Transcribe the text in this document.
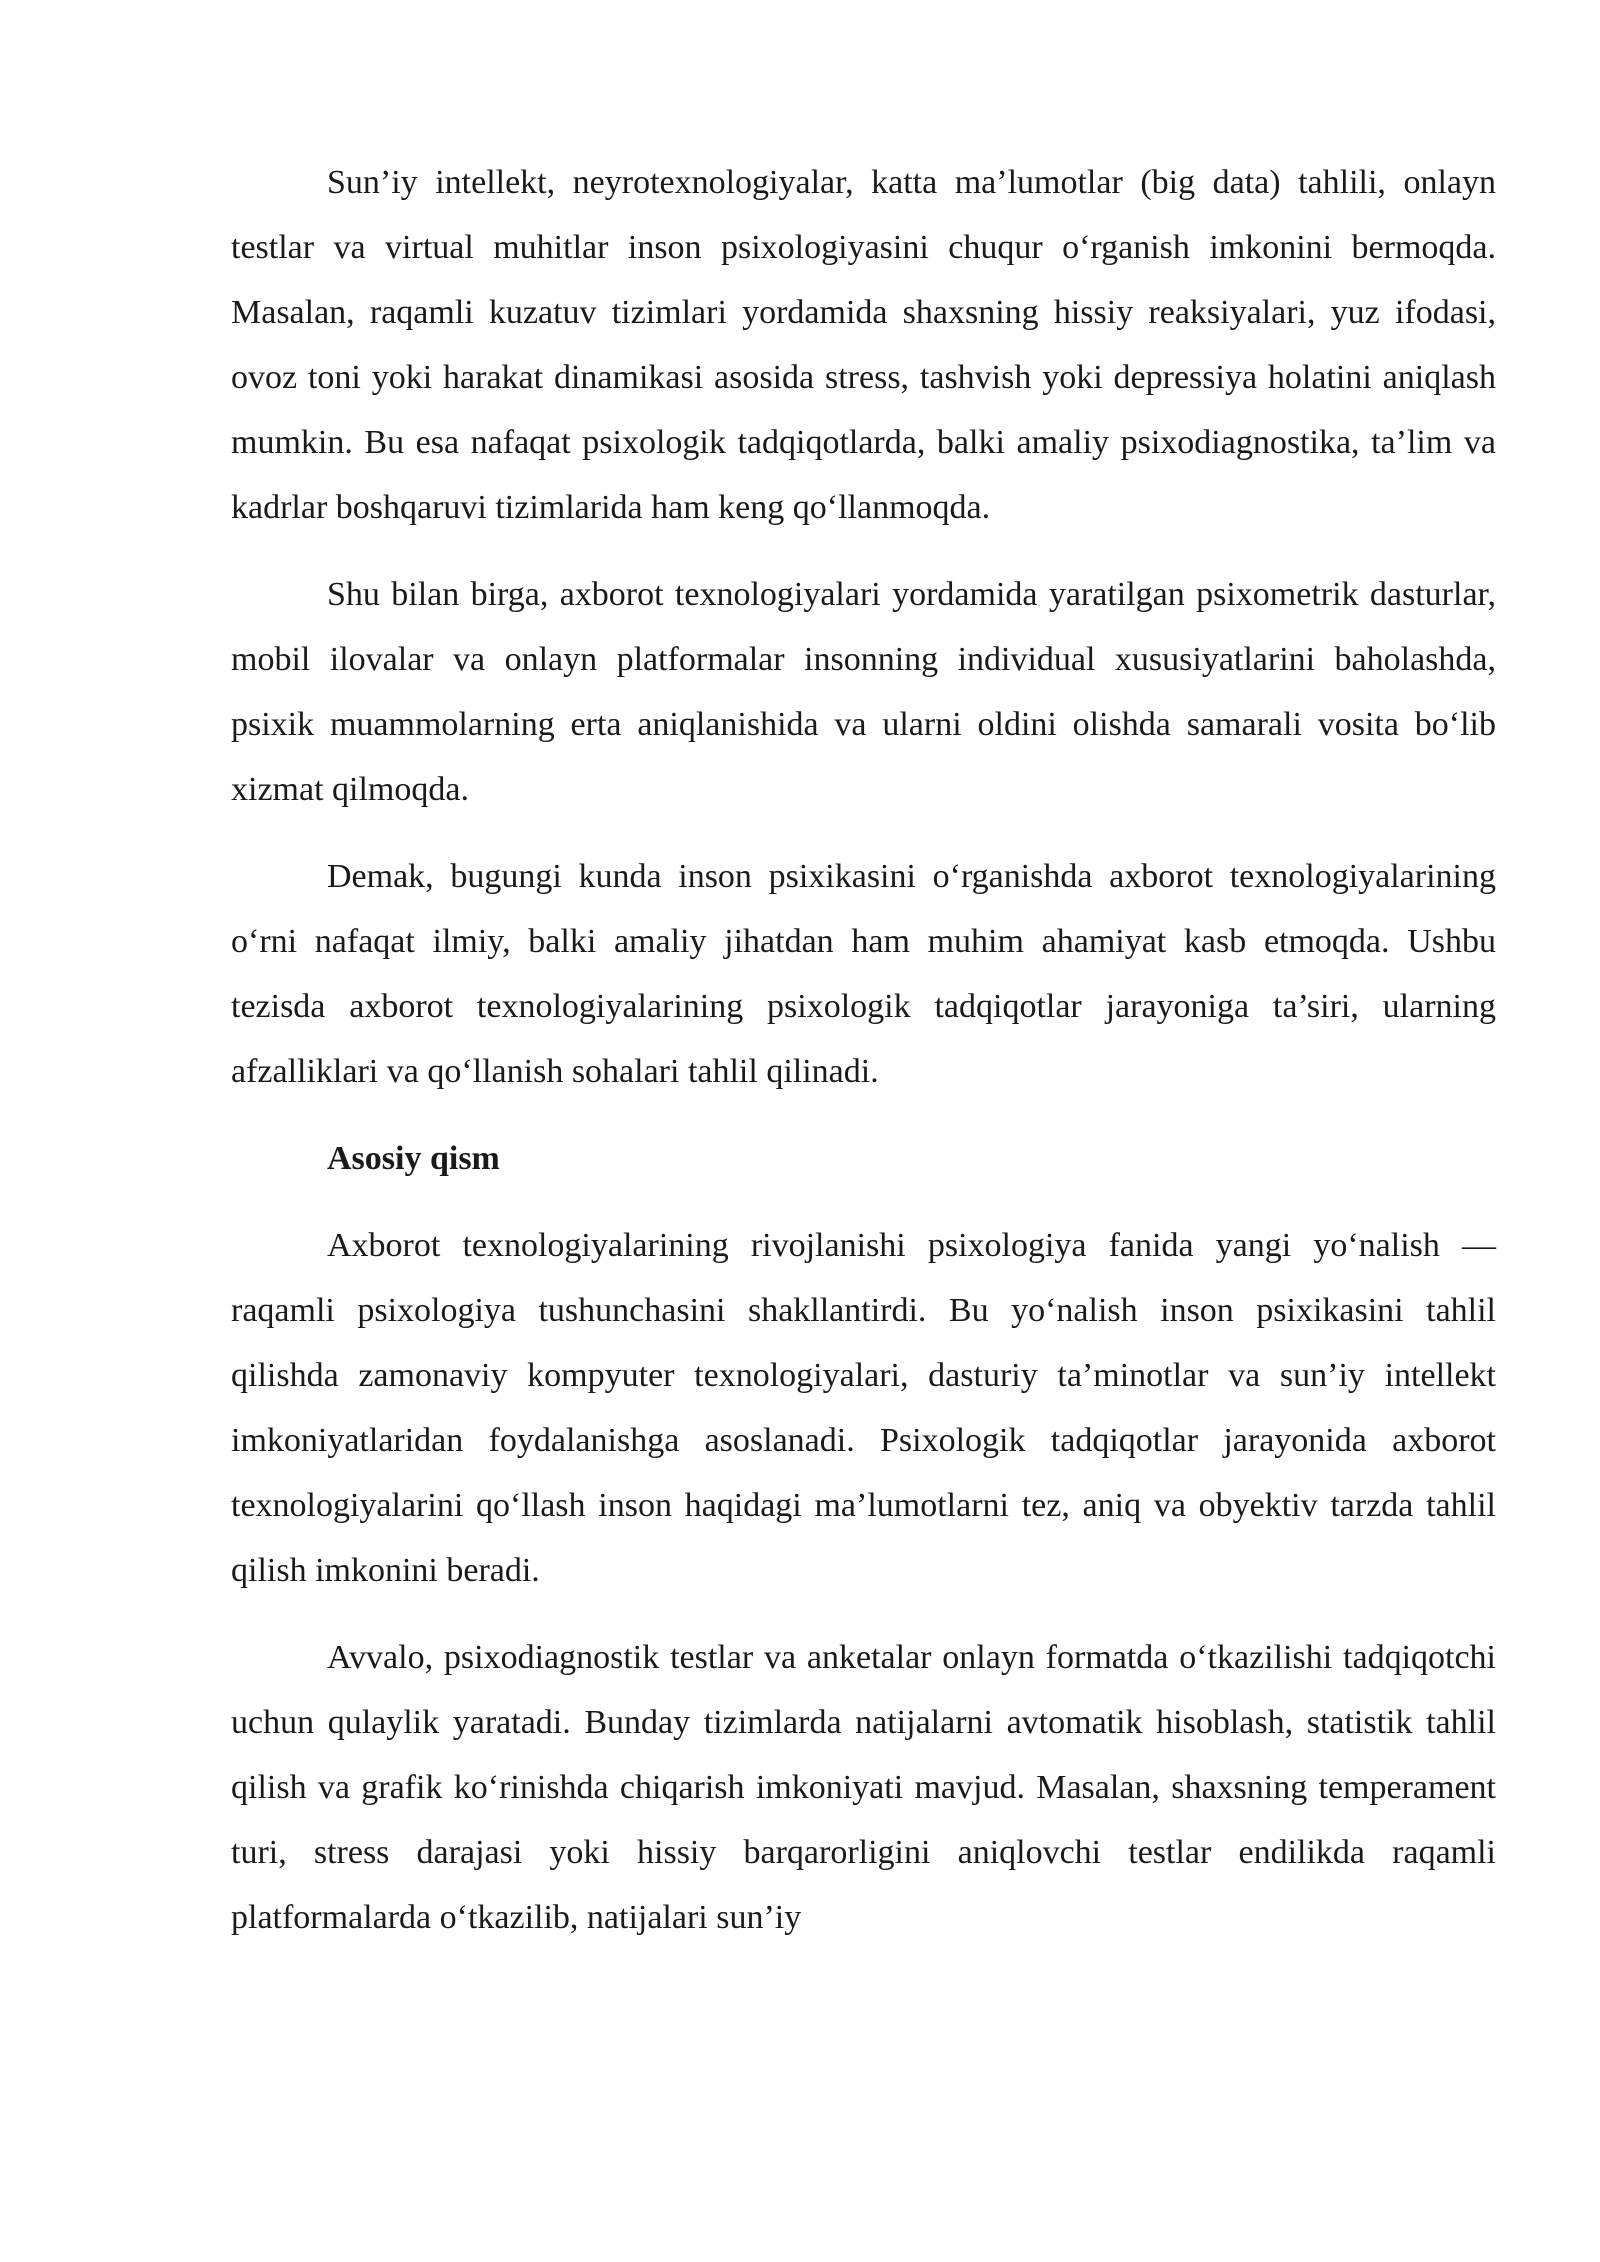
Sun’iy intellekt, neyrotexnologiyalar, katta ma’lumotlar (big data) tahlili, onlayn testlar va virtual muhitlar inson psixologiyasini chuqur o‘rganish imkonini bermoqda. Masalan, raqamli kuzatuv tizimlari yordamida shaxsning hissiy reaksiyalari, yuz ifodasi, ovoz toni yoki harakat dinamikasi asosida stress, tashvish yoki depressiya holatini aniqlash mumkin. Bu esa nafaqat psixologik tadqiqotlarda, balki amaliy psixodiagnostika, ta’lim va kadrlar boshqaruvi tizimlarida ham keng qo‘llanmoqda.

Shu bilan birga, axborot texnologiyalari yordamida yaratilgan psixometrik dasturlar, mobil ilovalar va onlayn platformalar insonning individual xususiyatlarini baholashda, psixik muammolarning erta aniqlanishida va ularni oldini olishda samarali vosita bo‘lib xizmat qilmoqda.

Demak, bugungi kunda inson psixikasini o‘rganishda axborot texnologiyalarining o‘rni nafaqat ilmiy, balki amaliy jihatdan ham muhim ahamiyat kasb etmoqda. Ushbu tezisda axborot texnologiyalarining psixologik tadqiqotlar jarayoniga ta’siri, ularning afzalliklari va qo‘llanish sohalari tahlil qilinadi.

Asosiy qism

Axborot texnologiyalarining rivojlanishi psixologiya fanida yangi yo‘nalish — raqamli psixologiya tushunchasini shakllantirdi. Bu yo‘nalish inson psixikasini tahlil qilishda zamonaviy kompyuter texnologiyalari, dasturiy ta’minotlar va sun’iy intellekt imkoniyatlaridan foydalanishga asoslanadi. Psixologik tadqiqotlar jarayonida axborot texnologiyalarini qo‘llash inson haqidagi ma’lumotlarni tez, aniq va obyektiv tarzda tahlil qilish imkonini beradi.

Avvalo, psixodiagnostik testlar va anketalar onlayn formatda o‘tkazilishi tadqiqotchi uchun qulaylik yaratadi. Bunday tizimlarda natijalarni avtomatik hisoblash, statistik tahlil qilish va grafik ko‘rinishda chiqarish imkoniyati mavjud. Masalan, shaxsning temperament turi, stress darajasi yoki hissiy barqarorligini aniqlovchi testlar endilikda raqamli platformalarda o‘tkazilib, natijalari sun’iy
